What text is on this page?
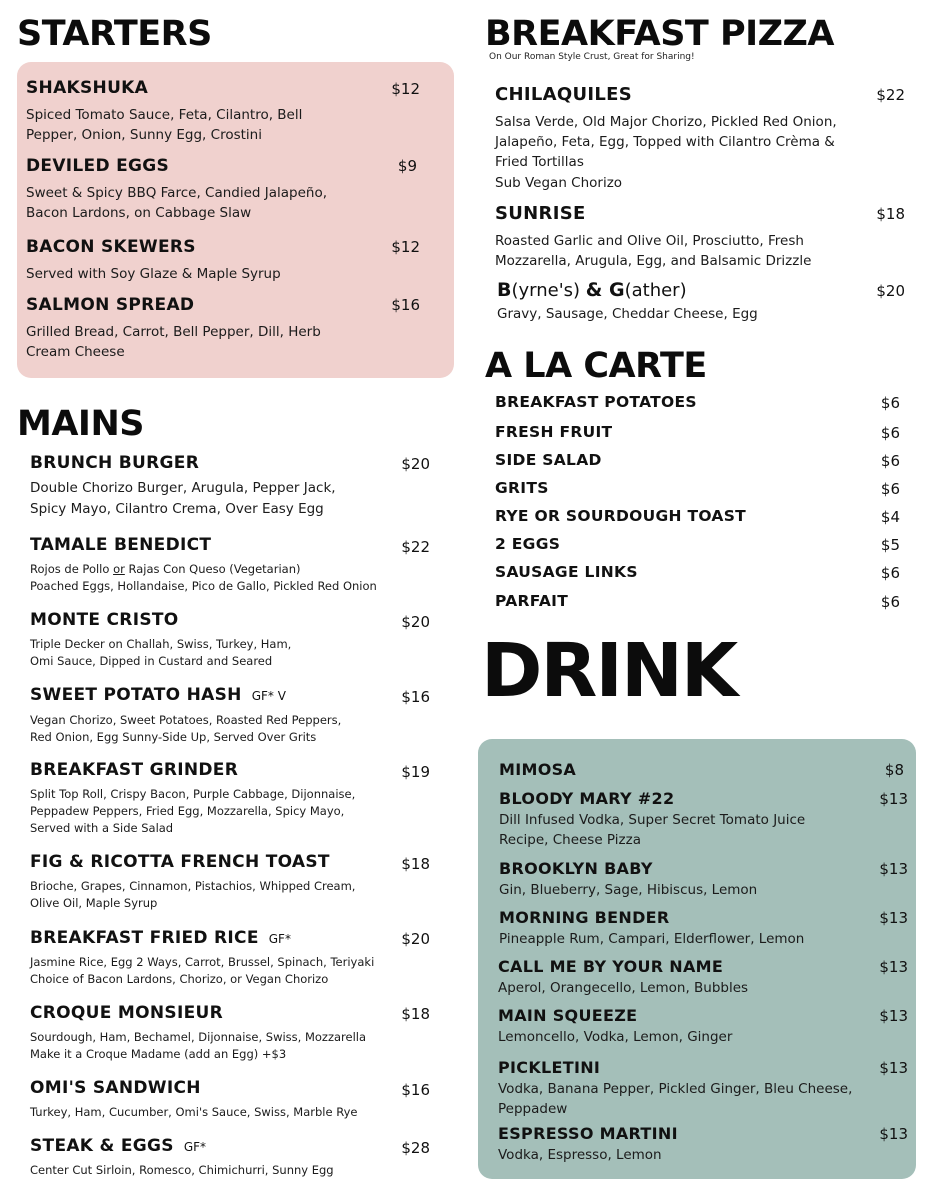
STARTERS
SHAKSHUKA	$12
Spiced Tomato Sauce, Feta, Cilantro, Bell
Pepper, Onion, Sunny Egg, Crostini
DEVILED EGGS	$9
Sweet & Spicy BBQ Farce, Candied Jalapeño,
Bacon Lardons, on Cabbage Slaw
BACON SKEWERS	$12
Served with Soy Glaze & Maple Syrup
SALMON SPREAD	$16
Grilled Bread, Carrot, Bell Pepper, Dill, Herb
Cream Cheese
MAINS
BRUNCH BURGER	$20
Double Chorizo Burger, Arugula, Pepper Jack,
Spicy Mayo, Cilantro Crema, Over Easy Egg
TAMALE BENEDICT	$22
Rojos de Pollo or Rajas Con Queso (Vegetarian)
Poached Eggs, Hollandaise, Pico de Gallo, Pickled Red Onion
MONTE CRISTO	$20
Triple Decker on Challah, Swiss, Turkey, Ham,
Omi Sauce, Dipped in Custard and Seared
SWEET POTATO HASH GF* V	$16
Vegan Chorizo, Sweet Potatoes, Roasted Red Peppers,
Red Onion, Egg Sunny-Side Up, Served Over Grits
BREAKFAST GRINDER	$19
Split Top Roll, Crispy Bacon, Purple Cabbage, Dijonnaise,
Peppadew Peppers, Fried Egg, Mozzarella, Spicy Mayo,
Served with a Side Salad
FIG & RICOTTA FRENCH TOAST	$18
Brioche, Grapes, Cinnamon, Pistachios, Whipped Cream,
Olive Oil, Maple Syrup
BREAKFAST FRIED RICE GF*	$20
Jasmine Rice, Egg 2 Ways, Carrot, Brussel, Spinach, Teriyaki
Choice of Bacon Lardons, Chorizo, or Vegan Chorizo
CROQUE MONSIEUR	$18
Sourdough, Ham, Bechamel, Dijonnaise, Swiss, Mozzarella
Make it a Croque Madame (add an Egg) +$3
OMI'S SANDWICH	$16
Turkey, Ham, Cucumber, Omi's Sauce, Swiss, Marble Rye
STEAK & EGGS GF*	$28
Center Cut Sirloin, Romesco, Chimichurri, Sunny Egg
BREAKFAST PIZZA
On Our Roman Style Crust, Great for Sharing!
CHILAQUILES	$22
Salsa Verde, Old Major Chorizo, Pickled Red Onion,
Jalapeño, Feta, Egg, Topped with Cilantro Crèma &
Fried Tortillas
Sub Vegan Chorizo
SUNRISE	$18
Roasted Garlic and Olive Oil, Prosciutto, Fresh
Mozzarella, Arugula, Egg, and Balsamic Drizzle
B(yrne's) & G(ather)	$20
Gravy, Sausage, Cheddar Cheese, Egg
A LA CARTE
BREAKFAST POTATOES	$6
FRESH FRUIT	$6
SIDE SALAD	$6
GRITS	$6
RYE OR SOURDOUGH TOAST	$4
2 EGGS	$5
SAUSAGE LINKS	$6
PARFAIT	$6
DRINK
MIMOSA	$8
BLOODY MARY #22	$13
Dill Infused Vodka, Super Secret Tomato Juice
Recipe, Cheese Pizza
BROOKLYN BABY	$13
Gin, Blueberry, Sage, Hibiscus, Lemon
MORNING BENDER	$13
Pineapple Rum, Campari, Elderflower, Lemon
CALL ME BY YOUR NAME	$13
Aperol, Orangecello, Lemon, Bubbles
MAIN SQUEEZE	$13
Lemoncello, Vodka, Lemon, Ginger
PICKLETINI	$13
Vodka, Banana Pepper, Pickled Ginger, Bleu Cheese,
Peppadew
ESPRESSO MARTINI	$13
Vodka, Espresso, Lemon
